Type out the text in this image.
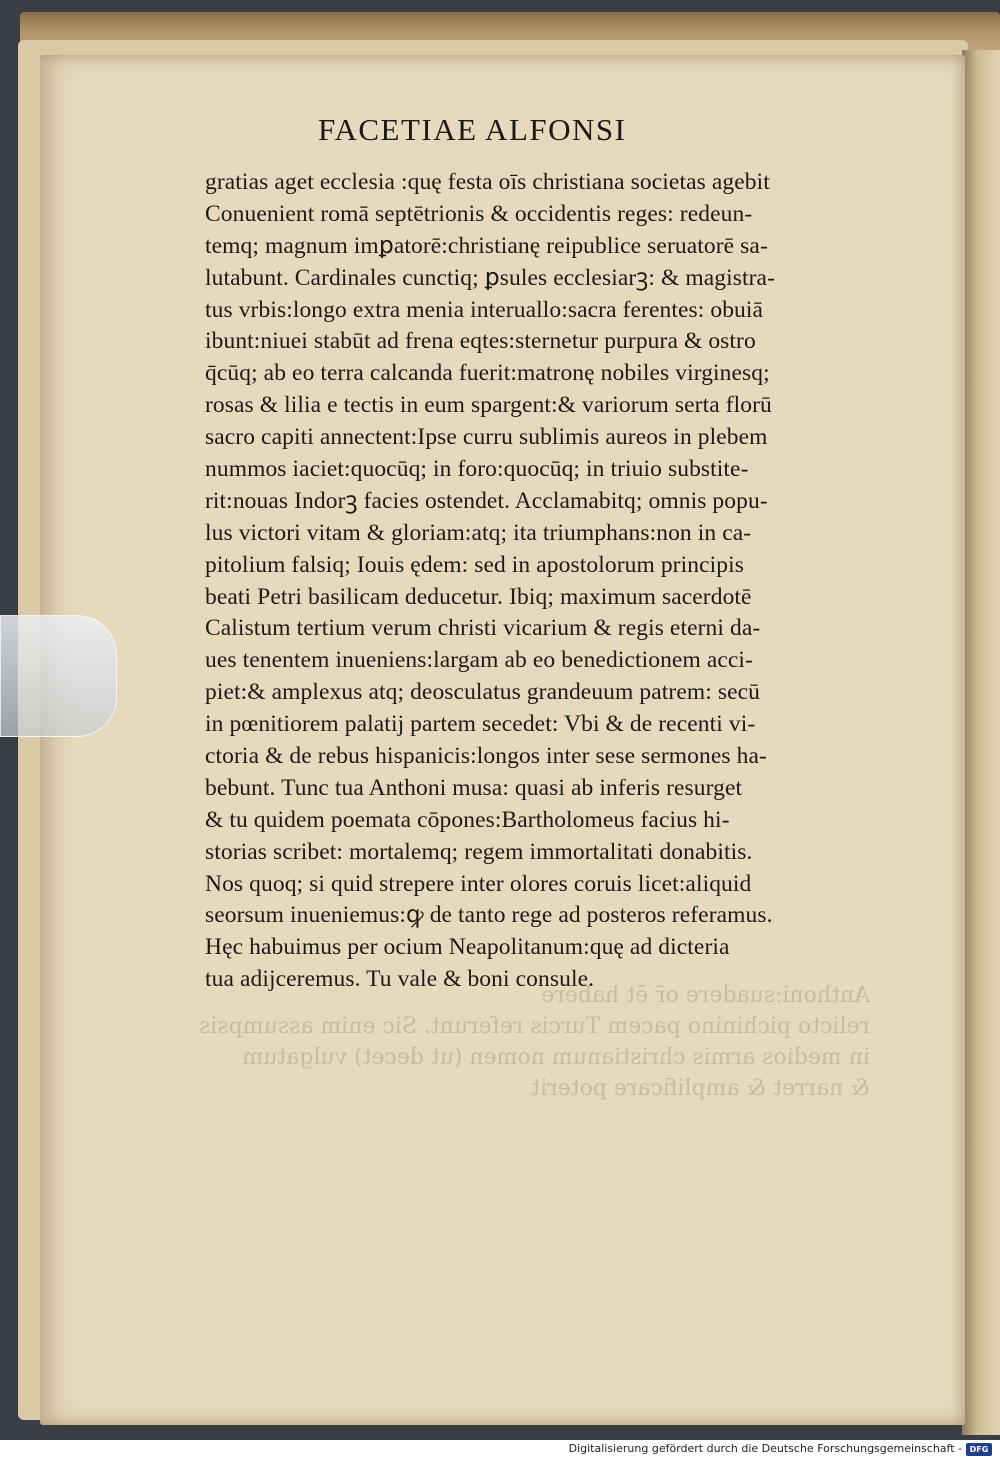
Anthoni:suadere or̄ ēt habere
relicto pichinino pacem Turcis referunt. Sic enim assumpsis
in medios armis christianum nomen (ut decet) vulgatum
& narret & amplificare poterit
FACETIAE ALFONSI
gratias aget ecclesia :quę festa oīs christiana societas agebit
Conuenient romā septētrionis & occidentis reges: redeun-
temq; magnum imꝑatorē:christianę reipublice seruatorē sa-
lutabunt. Cardinales cunctiq; ꝑsules ecclesiarꝫ: & magistra-
tus vrbis:longo extra menia interuallo:sacra ferentes: obuiā
ibunt:niuei stabūt ad frena eqtes:sternetur purpura & ostro
q̄cūq; ab eo terra calcanda fuerit:matronę nobiles virginesq;
rosas & lilia e tectis in eum spargent:& variorum serta florū
sacro capiti annectent:Ipse curru sublimis aureos in plebem
nummos iaciet:quocūq; in foro:quocūq; in triuio substite-
rit:nouas Indorꝫ facies ostendet. Acclamabitq; omnis popu-
lus victori vitam & gloriam:atq; ita triumphans:non in ca-
pitolium falsiq; Iouis ędem: sed in apostolorum principis
beati Petri basilicam deducetur. Ibiq; maximum sacerdotē
Calistum tertium verum christi vicarium & regis eterni da-
ues tenentem inueniens:largam ab eo benedictionem acci-
piet:& amplexus atq; deosculatus grandeuum patrem: secū
in pœnitiorem palatij partem secedet: Vbi & de recenti vi-
ctoria & de rebus hispanicis:longos inter sese sermones ha-
bebunt. Tunc tua Anthoni musa: quasi ab inferis resurget
& tu quidem poemata cōpones:Bartholomeus facius hi-
storias scribet: mortalemq; regem immortalitati donabitis.
Nos quoq; si quid strepere inter olores coruis licet:aliquid
seorsum inueniemus:ꝙ de tanto rege ad posteros referamus.
Hęc habuimus per ocium Neapolitanum:quę ad dicteria
tua adijceremus. Tu vale & boni consule.
Digitalisierung gefördert durch die Deutsche Forschungsgemeinschaft - DFG
